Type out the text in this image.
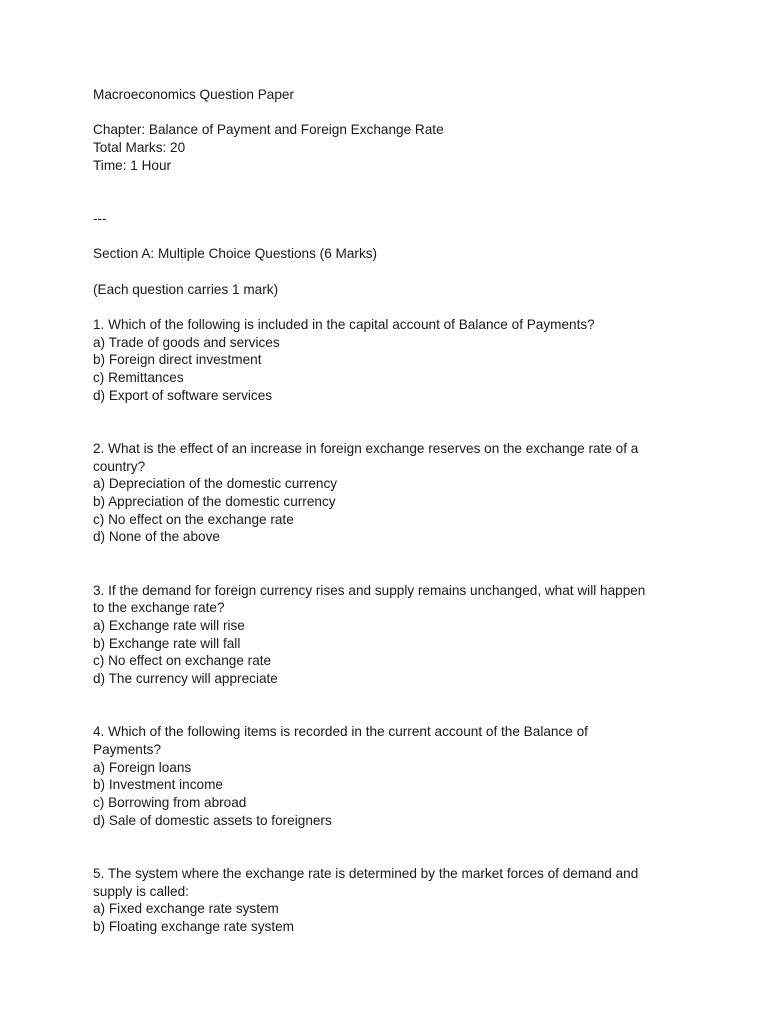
Macroeconomics Question Paper
Chapter: Balance of Payment and Foreign Exchange Rate
Total Marks: 20
Time: 1 Hour
---
Section A: Multiple Choice Questions (6 Marks)
(Each question carries 1 mark)
1. Which of the following is included in the capital account of Balance of Payments?
a) Trade of goods and services
b) Foreign direct investment
c) Remittances
d) Export of software services
2. What is the effect of an increase in foreign exchange reserves on the exchange rate of a
country?
a) Depreciation of the domestic currency
b) Appreciation of the domestic currency
c) No effect on the exchange rate
d) None of the above
3. If the demand for foreign currency rises and supply remains unchanged, what will happen
to the exchange rate?
a) Exchange rate will rise
b) Exchange rate will fall
c) No effect on exchange rate
d) The currency will appreciate
4. Which of the following items is recorded in the current account of the Balance of
Payments?
a) Foreign loans
b) Investment income
c) Borrowing from abroad
d) Sale of domestic assets to foreigners
5. The system where the exchange rate is determined by the market forces of demand and
supply is called:
a) Fixed exchange rate system
b) Floating exchange rate system
